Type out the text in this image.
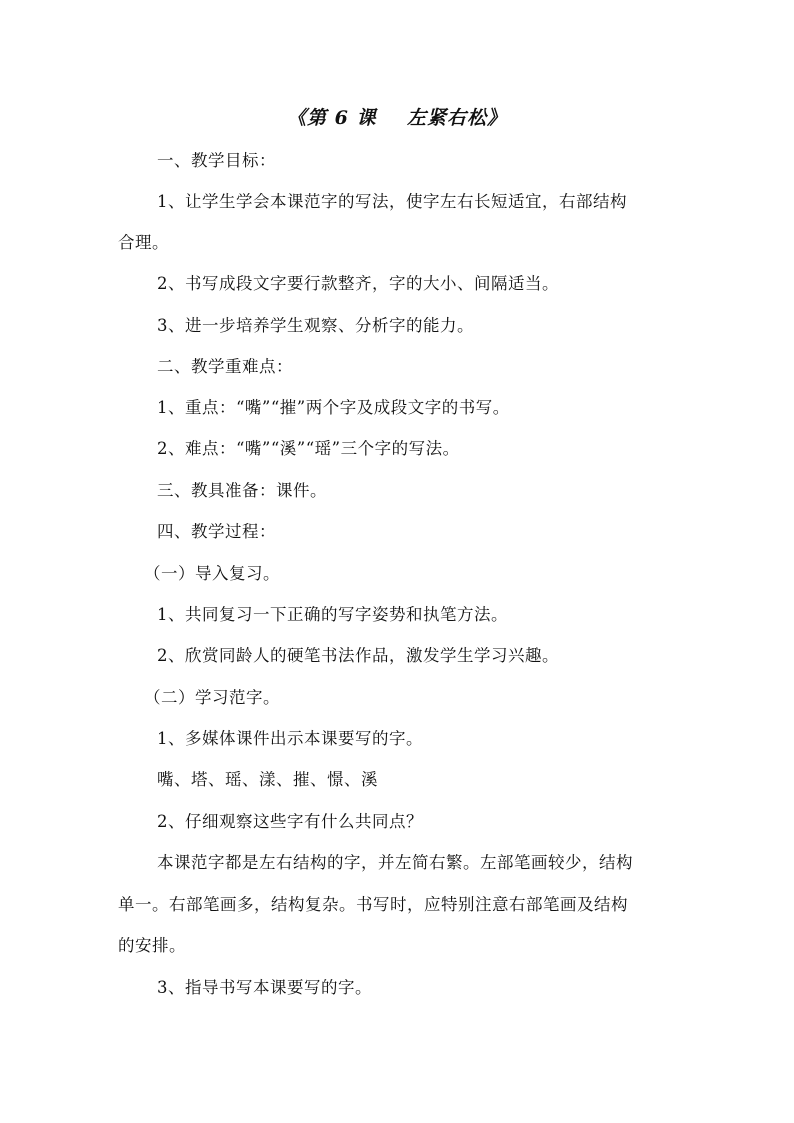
《第 6 课    左紧右松》
一、教学目标：
1、让学生学会本课范字的写法，使字左右长短适宜，右部结构
合理。
2、书写成段文字要行款整齐，字的大小、间隔适当。
3、进一步培养学生观察、分析字的能力。
二、教学重难点：
1、重点：“嘴”“摧”两个字及成段文字的书写。
2、难点：“嘴”“溪”“瑶”三个字的写法。
三、教具准备：课件。
四、教学过程：
（一）导入复习。
1、共同复习一下正确的写字姿势和执笔方法。
2、欣赏同龄人的硬笔书法作品，激发学生学习兴趣。
（二）学习范字。
1、多媒体课件出示本课要写的字。
嘴、塔、瑶、漾、摧、憬、溪
2、仔细观察这些字有什么共同点？
本课范字都是左右结构的字，并左简右繁。左部笔画较少，结构
单一。右部笔画多，结构复杂。书写时，应特别注意右部笔画及结构
的安排。
3、指导书写本课要写的字。
